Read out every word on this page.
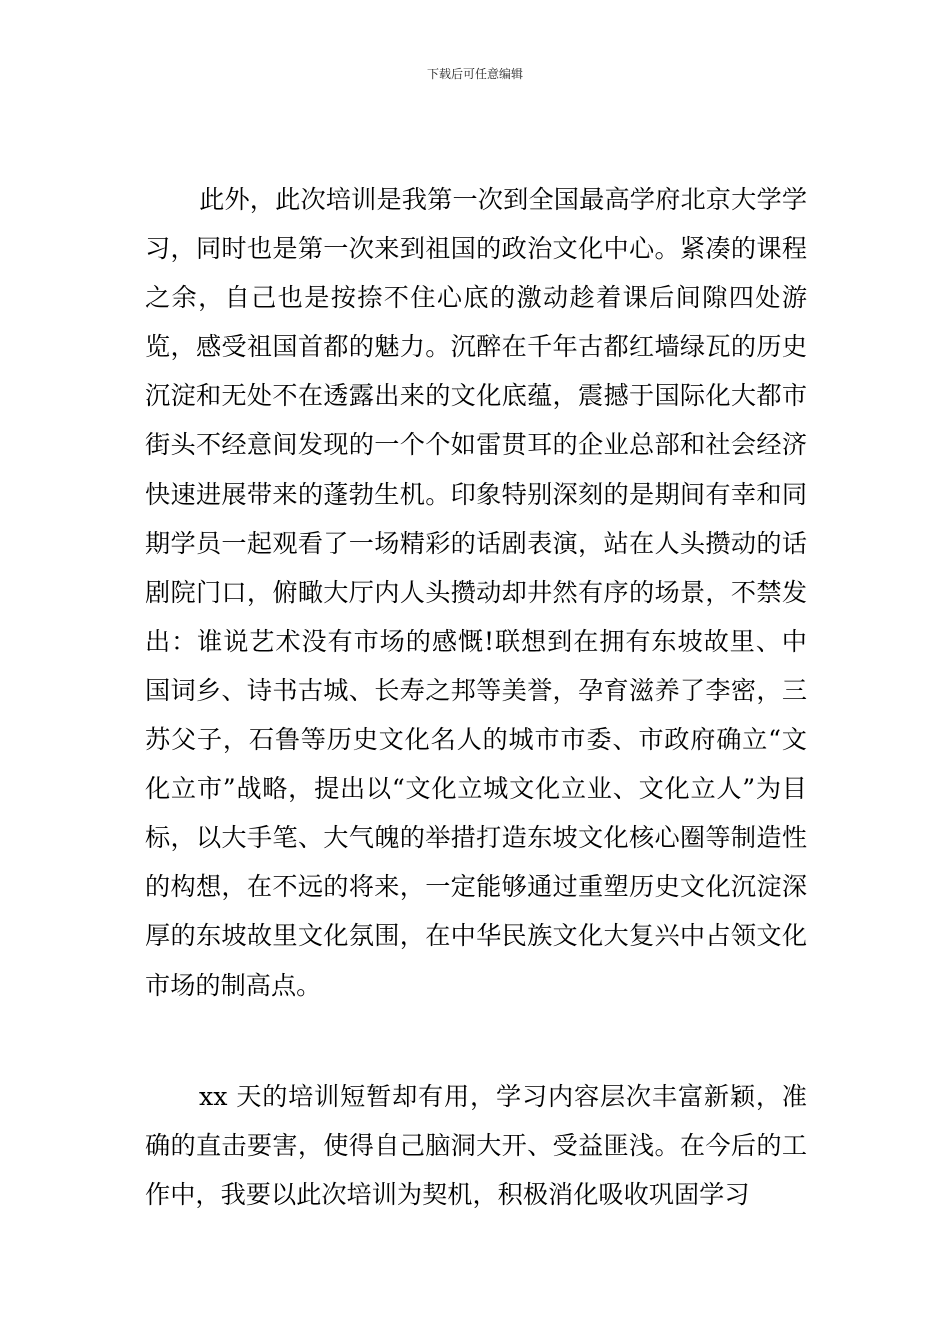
下载后可任意编辑

此外，此次培训是我第一次到全国最高学府北京大学学习，同时也是第一次来到祖国的政治文化中心。紧凑的课程之余，自己也是按捺不住心底的激动趁着课后间隙四处游览，感受祖国首都的魅力。沉醉在千年古都红墙绿瓦的历史沉淀和无处不在透露出来的文化底蕴，震撼于国际化大都市街头不经意间发现的一个个如雷贯耳的企业总部和社会经济快速进展带来的蓬勃生机。印象特别深刻的是期间有幸和同期学员一起观看了一场精彩的话剧表演，站在人头攒动的话剧院门口，俯瞰大厅内人头攒动却井然有序的场景，不禁发出：谁说艺术没有市场的感慨!联想到在拥有东坡故里、中国词乡、诗书古城、长寿之邦等美誉，孕育滋养了李密，三苏父子，石鲁等历史文化名人的城市市委、市政府确立“文化立市”战略，提出以“文化立城文化立业、文化立人”为目标，以大手笔、大气魄的举措打造东坡文化核心圈等制造性的构想，在不远的将来，一定能够通过重塑历史文化沉淀深厚的东坡故里文化氛围，在中华民族文化大复兴中占领文化市场的制高点。

xx 天的培训短暂却有用，学习内容层次丰富新颖，准确的直击要害，使得自己脑洞大开、受益匪浅。在今后的工作中，我要以此次培训为契机，积极消化吸收巩固学习
